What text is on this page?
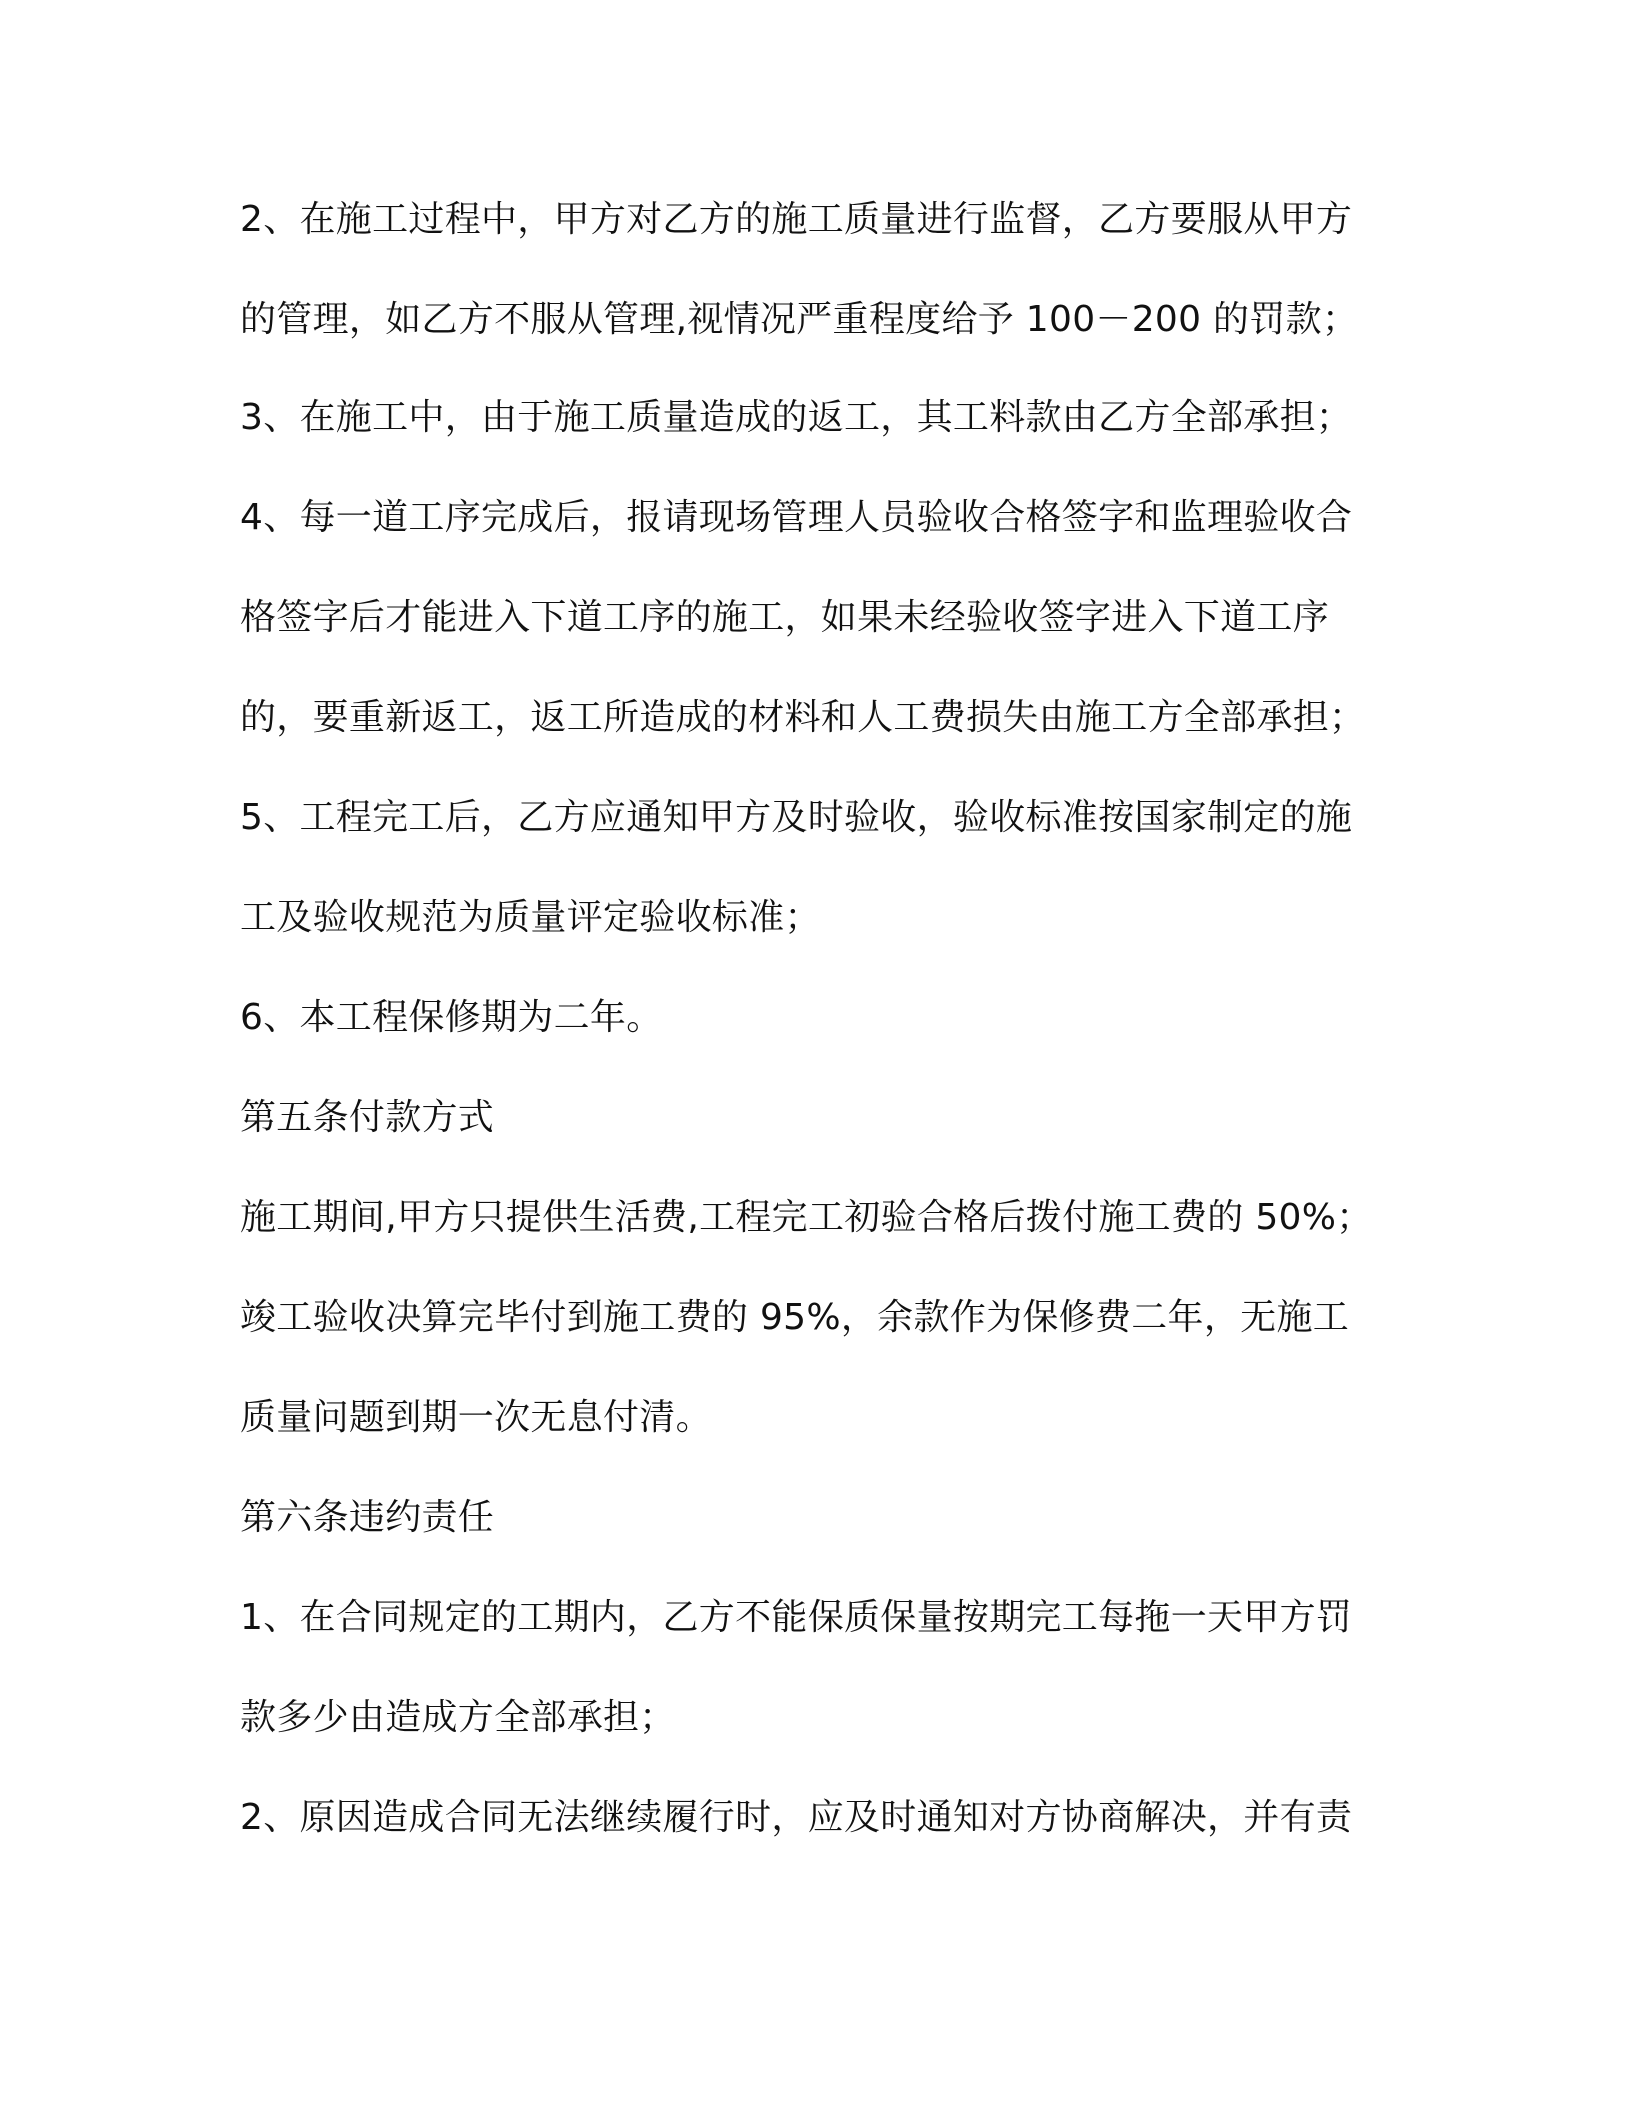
2、在施工过程中，甲方对乙方的施工质量进行监督，乙方要服从甲方
的管理，如乙方不服从管理,视情况严重程度给予 100－200 的罚款；
3、在施工中，由于施工质量造成的返工，其工料款由乙方全部承担；
4、每一道工序完成后，报请现场管理人员验收合格签字和监理验收合
格签字后才能进入下道工序的施工，如果未经验收签字进入下道工序
的，要重新返工，返工所造成的材料和人工费损失由施工方全部承担；
5、工程完工后，乙方应通知甲方及时验收，验收标准按国家制定的施
工及验收规范为质量评定验收标准；
6、本工程保修期为二年。
第五条付款方式
施工期间,甲方只提供生活费,工程完工初验合格后拨付施工费的 50%；
竣工验收决算完毕付到施工费的 95%，余款作为保修费二年，无施工
质量问题到期一次无息付清。
第六条违约责任
1、在合同规定的工期内，乙方不能保质保量按期完工每拖一天甲方罚
款多少由造成方全部承担；
2、原因造成合同无法继续履行时，应及时通知对方协商解决，并有责
